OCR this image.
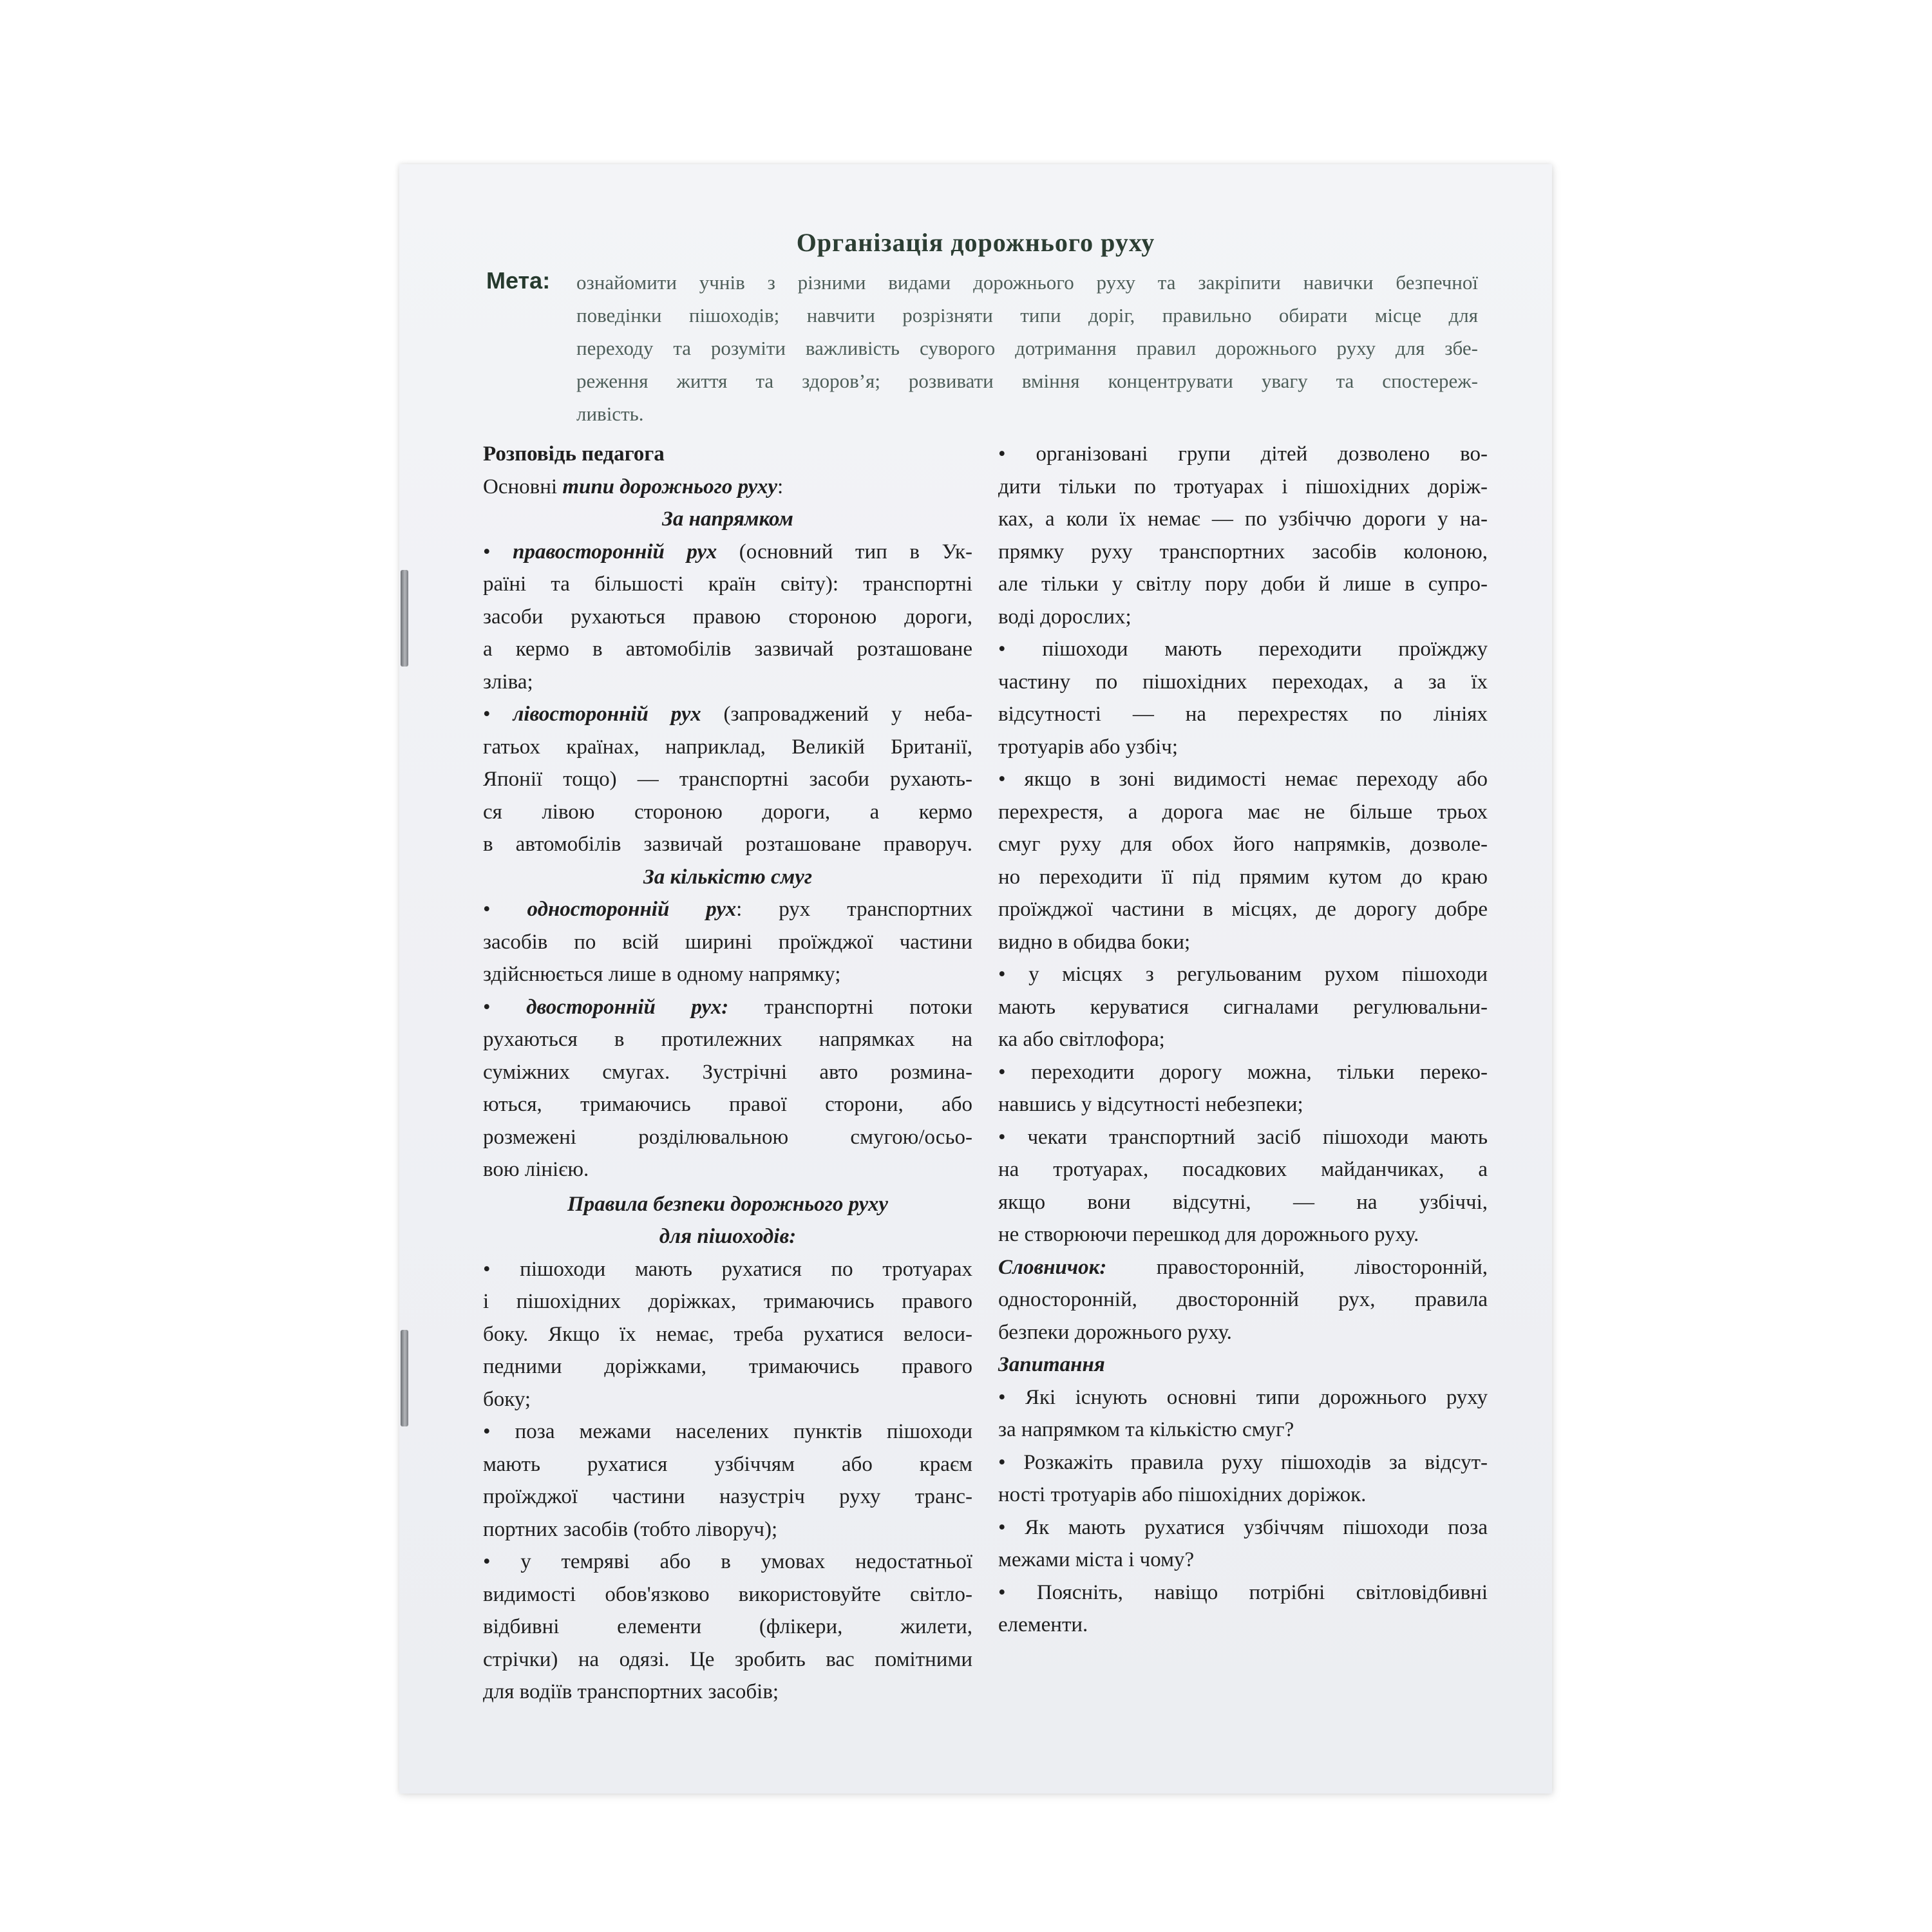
Організація дорожнього руху
Мета: ознайомити учнів з різними видами дорожнього руху та закріпити навички безпечної
поведінки пішоходів; навчити розрізняти типи доріг, правильно обирати місце для
переходу та розуміти важливість суворого дотримання правил дорожнього руху для збе-
реження життя та здоров’я; розвивати вміння концентрувати увагу та спостереж-
ливість.
Розповідь педагога
Основні типи дорожнього руху:
За напрямком
• правосторонній рух (основний тип в Ук-
раїні та більшості країн світу): транспортні
засоби рухаються правою стороною дороги,
а кермо в автомобілів зазвичай розташоване
зліва;
• лівосторонній рух (запроваджений у неба-
гатьох країнах, наприклад, Великій Британії,
Японії тощо) — транспортні засоби рухають-
ся лівою стороною дороги, а кермо
в автомобілів зазвичай розташоване праворуч.
За кількістю смуг
• односторонній рух: рух транспортних
засобів по всій ширині проїжджої частини
здійснюється лише в одному напрямку;
• двосторонній рух: транспортні потоки
рухаються в протилежних напрямках на
суміжних смугах. Зустрічні авто розмина-
ються, тримаючись правої сторони, або
розмежені розділювальною смугою/осьо-
вою лінією.
Правила безпеки дорожнього руху
для пішоходів:
• пішоходи мають рухатися по тротуарах
і пішохідних доріжках, тримаючись правого
боку. Якщо їх немає, треба рухатися велоси-
педними доріжками, тримаючись правого
боку;
• поза межами населених пунктів пішоходи
мають рухатися узбіччям або краєм
проїжджої частини назустріч руху транс-
портних засобів (тобто ліворуч);
• у темряві або в умовах недостатньої
видимості обов'язково використовуйте світло-
відбивні елементи (флікери, жилети,
стрічки) на одязі. Це зробить вас помітними
для водіїв транспортних засобів;
• організовані групи дітей дозволено во-
дити тільки по тротуарах і пішохідних доріж-
ках, а коли їх немає — по узбіччю дороги у на-
прямку руху транспортних засобів колоною,
але тільки у світлу пору доби й лише в супро-
воді дорослих;
• пішоходи мають переходити проїжджу
частину по пішохідних переходах, а за їх
відсутності — на перехрестях по лініях
тротуарів або узбіч;
• якщо в зоні видимості немає переходу або
перехрестя, а дорога має не більше трьох
смуг руху для обох його напрямків, дозволе-
но переходити її під прямим кутом до краю
проїжджої частини в місцях, де дорогу добре
видно в обидва боки;
• у місцях з регульованим рухом пішоходи
мають керуватися сигналами регулювальни-
ка або світлофора;
• переходити дорогу можна, тільки переко-
навшись у відсутності небезпеки;
• чекати транспортний засіб пішоходи мають
на тротуарах, посадкових майданчиках, а
якщо вони відсутні, — на узбіччі,
не створюючи перешкод для дорожнього руху.
Словничок: правосторонній, лівосторонній,
односторонній, двосторонній рух, правила
безпеки дорожнього руху.
Запитання
• Які існують основні типи дорожнього руху
за напрямком та кількістю смуг?
• Розкажіть правила руху пішоходів за відсут-
ності тротуарів або пішохідних доріжок.
• Як мають рухатися узбіччям пішоходи поза
межами міста і чому?
• Поясніть, навіщо потрібні світловідбивні
елементи.
